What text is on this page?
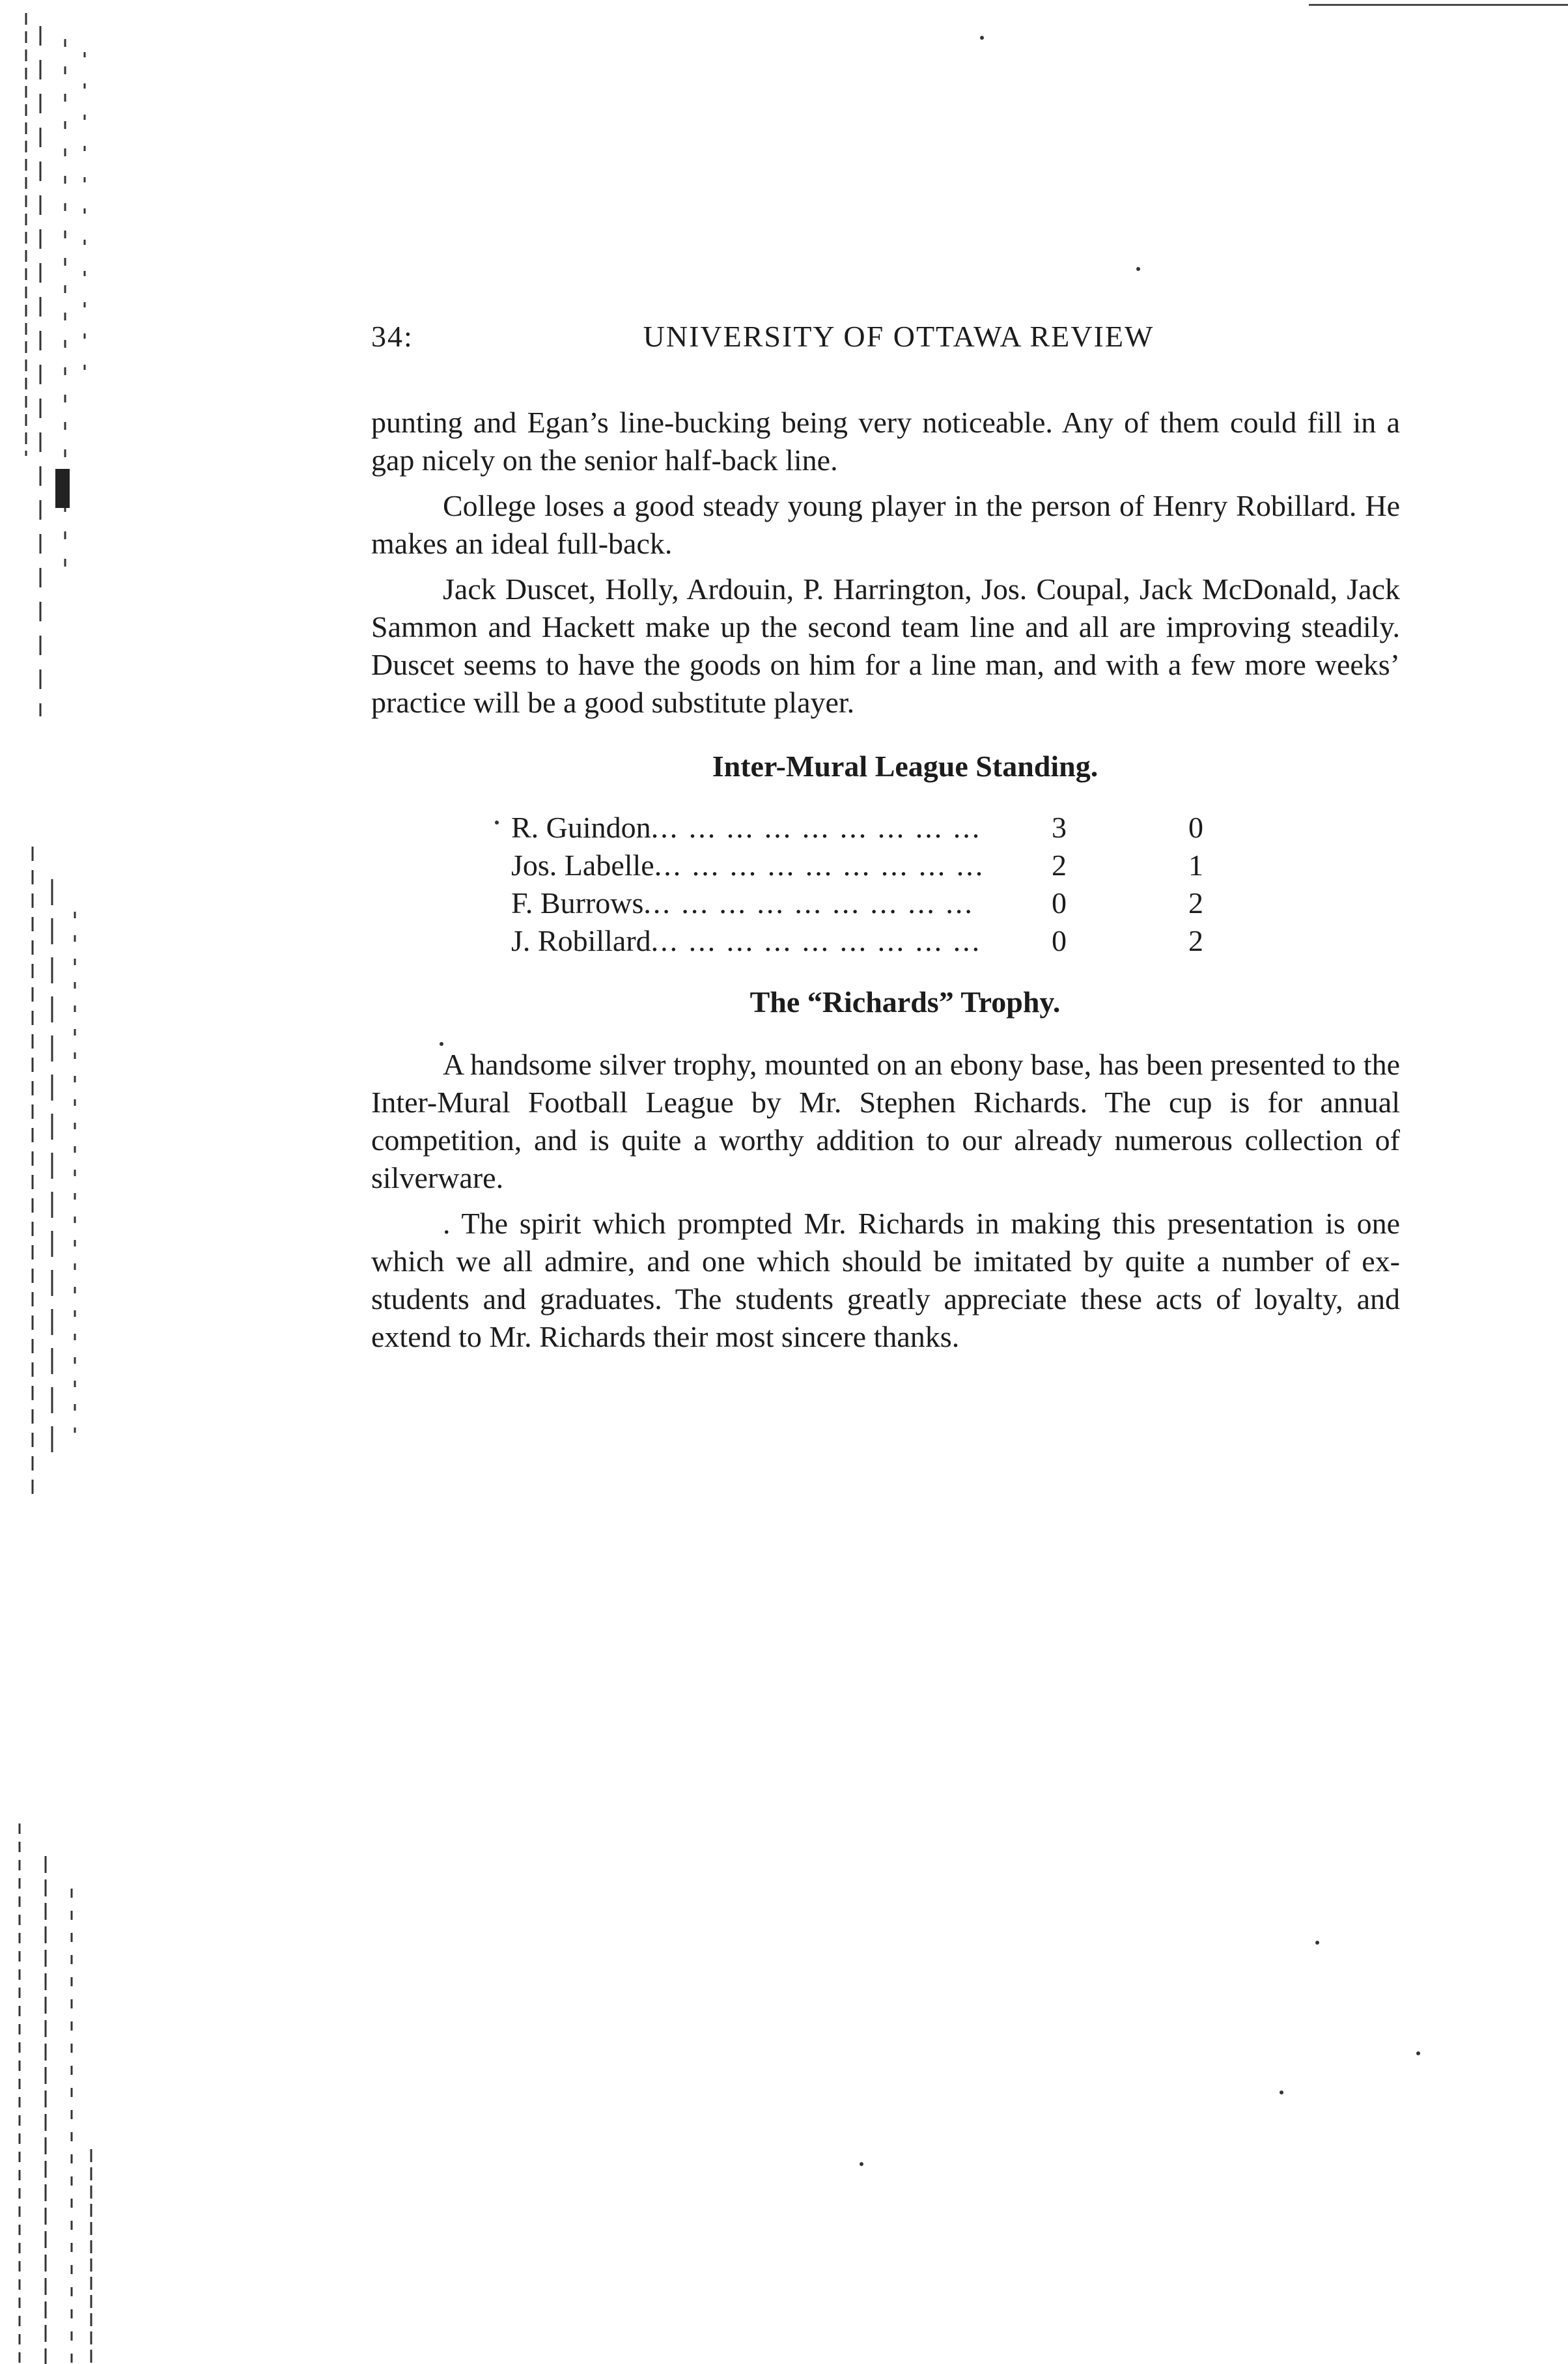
34:	UNIVERSITY OF OTTAWA REVIEW

punting and Egan’s line-bucking being very noticeable. Any of them could fill in a gap nicely on the senior half-back line.

College loses a good steady young player in the person of Henry Robillard. He makes an ideal full-back.

Jack Duscet, Holly, Ardouin, P. Harrington, Jos. Coupal, Jack McDonald, Jack Sammon and Hackett make up the second team line and all are improving steadily. Duscet seems to have the goods on him for a line man, and with a few more weeks’ practice will be a good substitute player.

Inter-Mural League Standing.

R. Guindon... ... ... ... ... ... ... ... ...	3	0
Jos. Labelle... ... ... ... ... ... ... ... ...	2	1
F. Burrows... ... ... ... ... ... ... ... ...	0	2
J. Robillard... ... ... ... ... ... ... ... ...	0	2

The “Richards” Trophy.

A handsome silver trophy, mounted on an ebony base, has been presented to the Inter-Mural Football League by Mr. Stephen Richards. The cup is for annual competition, and is quite a worthy addition to our already numerous collection of silverware.

. The spirit which prompted Mr. Richards in making this presentation is one which we all admire, and one which should be imitated by quite a number of ex-students and graduates. The students greatly appreciate these acts of loyalty, and extend to Mr. Richards their most sincere thanks.
